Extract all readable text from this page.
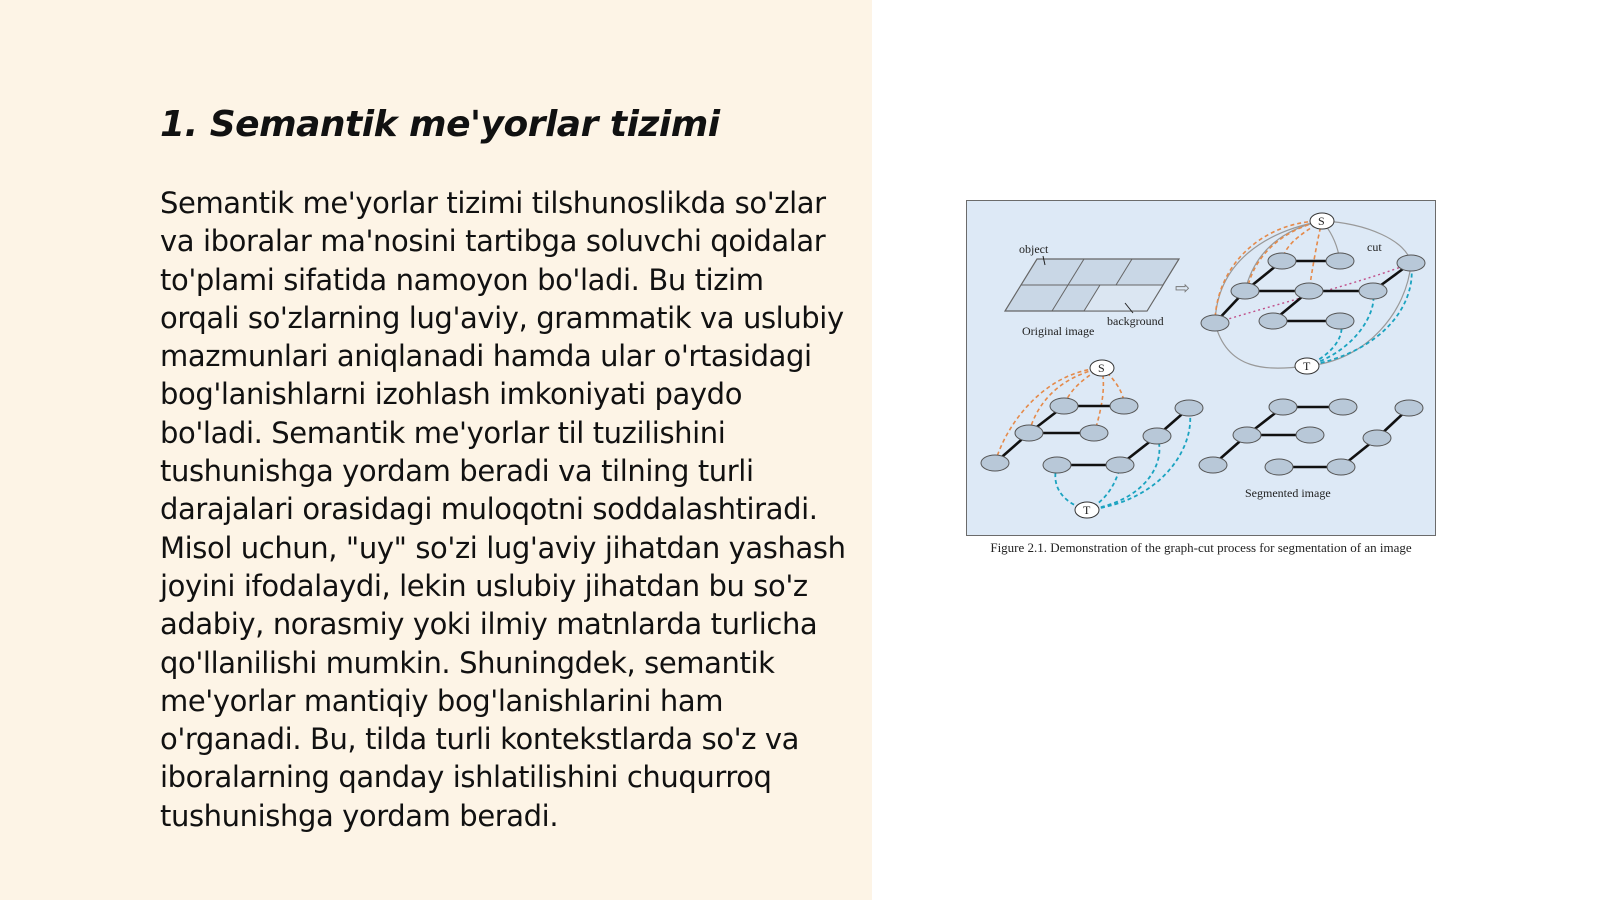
1. Semantik me'yorlar tizimi

Semantik me'yorlar tizimi tilshunoslikda so'zlar va iboralar ma'nosini tartibga soluvchi qoidalar to'plami sifatida namoyon bo'ladi. Bu tizim orqali so'zlarning lug'aviy, grammatik va uslubiy mazmunlari aniqlanadi hamda ular o'rtasidagi bog'lanishlarni izohlash imkoniyati paydo bo'ladi. Semantik me'yorlar til tuzilishini tushunishga yordam beradi va tilning turli darajalari orasidagi muloqotni soddalashtiradi. Misol uchun, "uy" so'zi lug'aviy jihatdan yashash joyini ifodalaydi, lekin uslubiy jihatdan bu so'z adabiy, norasmiy yoki ilmiy matnlarda turlicha qo'llanilishi mumkin. Shuningdek, semantik me'yorlar mantiqiy bog'lanishlarini ham o'rganadi. Bu, tilda turli kontekstlarda so'z va iboralarning qanday ishlatilishini chuqurroq tushunishga yordam beradi.

object
background
Original image
⇨
S
T
cut
S
T
Segmented image
Figure 2.1. Demonstration of the graph-cut process for segmentation of an image
